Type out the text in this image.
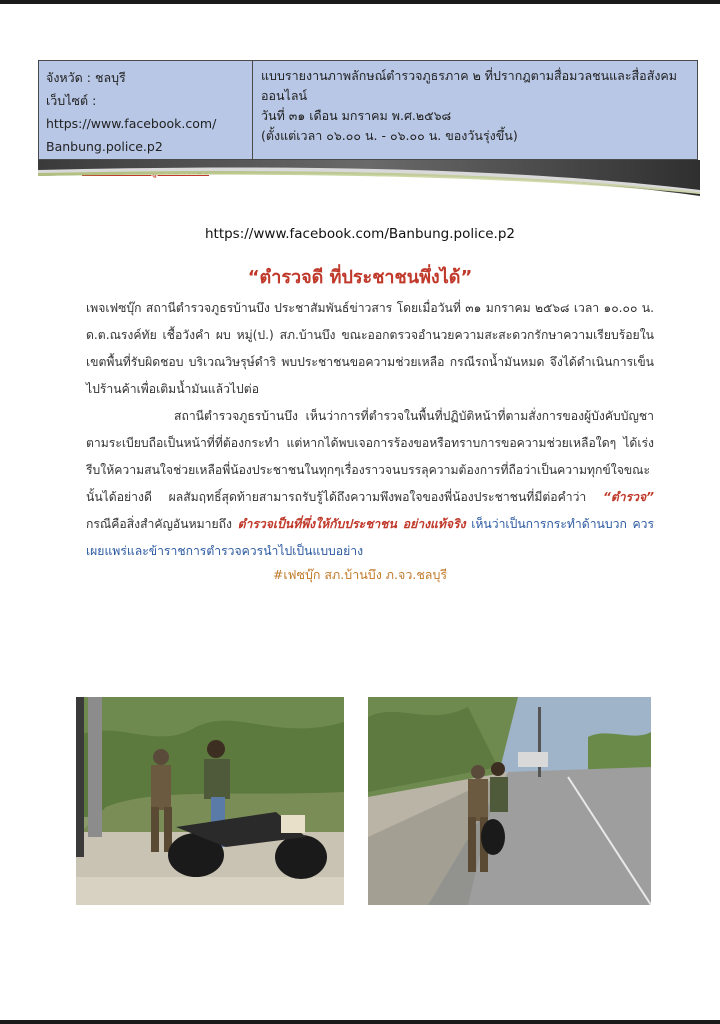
จังหวัด : ชลบุรี
เว็บไซต์ : https://www.facebook.com/
Banbung.police.p2
แบบรายงานภาพลักษณ์ตำรวจภูธรภาค ๒ ที่ปรากฎตามสื่อมวลชนและสื่อสังคมออนไลน์
วันที่ ๓๑ เดือน มกราคม พ.ศ.๒๕๖๘
(ตั้งแต่เวลา ๐๖.๐๐ น. - ๐๖.๐๐ น. ของวันรุ่งขึ้น)
https://www.facebook.com/Banbung.police.p2
“ตำรวจดี ที่ประชาชนพึ่งได้”
เพจเฟซบุ๊ก สถานีตำรวจภูธรบ้านบึง ประชาสัมพันธ์ข่าวสาร โดยเมื่อวันที่ ๓๑ มกราคม ๒๕๖๘ เวลา ๑๐.๐๐ น. ด.ต.ณรงค์ทัย เชื้อวังคำ ผบ หมู่(ป.) สภ.บ้านบึง ขณะออกตรวจอำนวยความสะสะดวกรักษาความเรียบร้อยในเขตพื้นที่รับผิดชอบ บริเวณวิษรุษ์ดำริ พบประชาชนขอความช่วยเหลือ กรณีรถน้ำมันหมด จึงได้ดำเนินการเข็นไปร้านค้าเพื่อเติมน้ำมันแล้วไปต่อ
สถานีตำรวจภูธรบ้านบึง เห็นว่าการที่ตำรวจในพื้นที่ปฏิบัติหน้าที่ตามสั่งการของผู้บังคับบัญชาตามระเบียบถือเป็นหน้าที่ที่ต้องกระทำ แต่หากได้พบเจอการร้องขอหรือทราบการขอความช่วยเหลือใดๆ ได้เร่งรีบให้ความสนใจช่วยเหลือพี่น้องประชาชนในทุกๆเรื่องราวจนบรรลุความต้องการที่ถือว่าเป็นความทุกข์ใจขณะนั้นได้อย่างดี ผลสัมฤทธิ์สุดท้ายสามารถรับรู้ได้ถึงความพึงพอใจของพี่น้องประชาชนที่มีต่อคำว่า “ตำรวจ” กรณีคือสิ่งสำคัญอันหมายถึง ตำรวจเป็นที่พึ่งให้กับประชาชน อย่างแท้จริง เห็นว่าเป็นการกระทำด้านบวก ควรเผยแพร่และข้าราชการตำรวจควรนำไปเป็นแบบอย่าง
#เฟซบุ๊ก สภ.บ้านบึง ภ.จว.ชลบุรี
